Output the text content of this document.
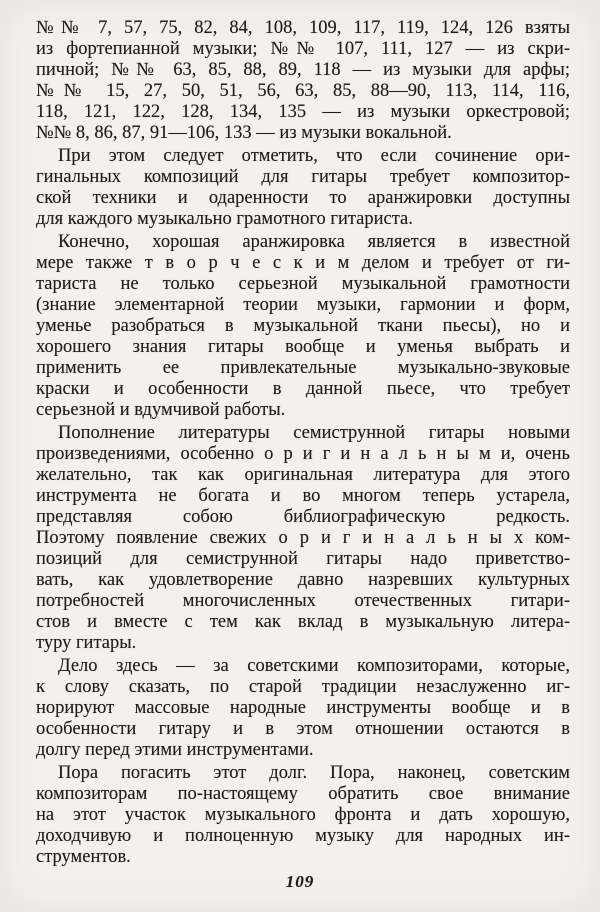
№№ 7, 57, 75, 82, 84, 108, 109, 117, 119, 124, 126 взяты
из фортепианной музыки; №№ 107, 111, 127 — из скри-
пичной; №№ 63, 85, 88, 89, 118 — из музыки для арфы;
№№ 15, 27, 50, 51, 56, 63, 85, 88—90, 113, 114, 116,
118, 121, 122, 128, 134, 135 — из музыки оркестровой;
№№ 8, 86, 87, 91—106, 133 — из музыки вокальной.
При этом следует отметить, что если сочинение ори-
гинальных композиций для гитары требует композитор-
ской техники и одаренности то аранжировки доступны
для каждого музыкально грамотного гитариста.
Конечно, хорошая аранжировка является в известной
мере также т в о р ч е с к и м делом и требует от ги-
тариста не только серьезной музыкальной грамотности
(знание элементарной теории музыки, гармонии и форм,
уменье разобраться в музыкальной ткани пьесы), но и
хорошего знания гитары вообще и уменья выбрать и
применить ее привлекательные музыкально-звуковые
краски и особенности в данной пьесе, что требует
серьезной и вдумчивой работы.
Пополнение литературы семиструнной гитары новыми
произведениями, особенно о р и г и н а л ь н ы м и, очень
желательно, так как оригинальная литература для этого
инструмента не богата и во многом теперь устарела,
представляя собою библиографическую редкость.
Поэтому появление свежих о р и г и н а л ь н ы х ком-
позиций для семиструнной гитары надо приветство-
вать, как удовлетворение давно назревших культурных
потребностей многочисленных отечественных гитари-
стов и вместе с тем как вклад в музыкальную литера-
туру гитары.
Дело здесь — за советскими композиторами, которые,
к слову сказать, по старой традиции незаслуженно иг-
норируют массовые народные инструменты вообще и в
особенности гитару и в этом отношении остаются в
долгу перед этими инструментами.
Пора погасить этот долг. Пора, наконец, советским
композиторам по-настоящему обратить свое внимание
на этот участок музыкального фронта и дать хорошую,
доходчивую и полноценную музыку для народных ин-
струментов.
109
